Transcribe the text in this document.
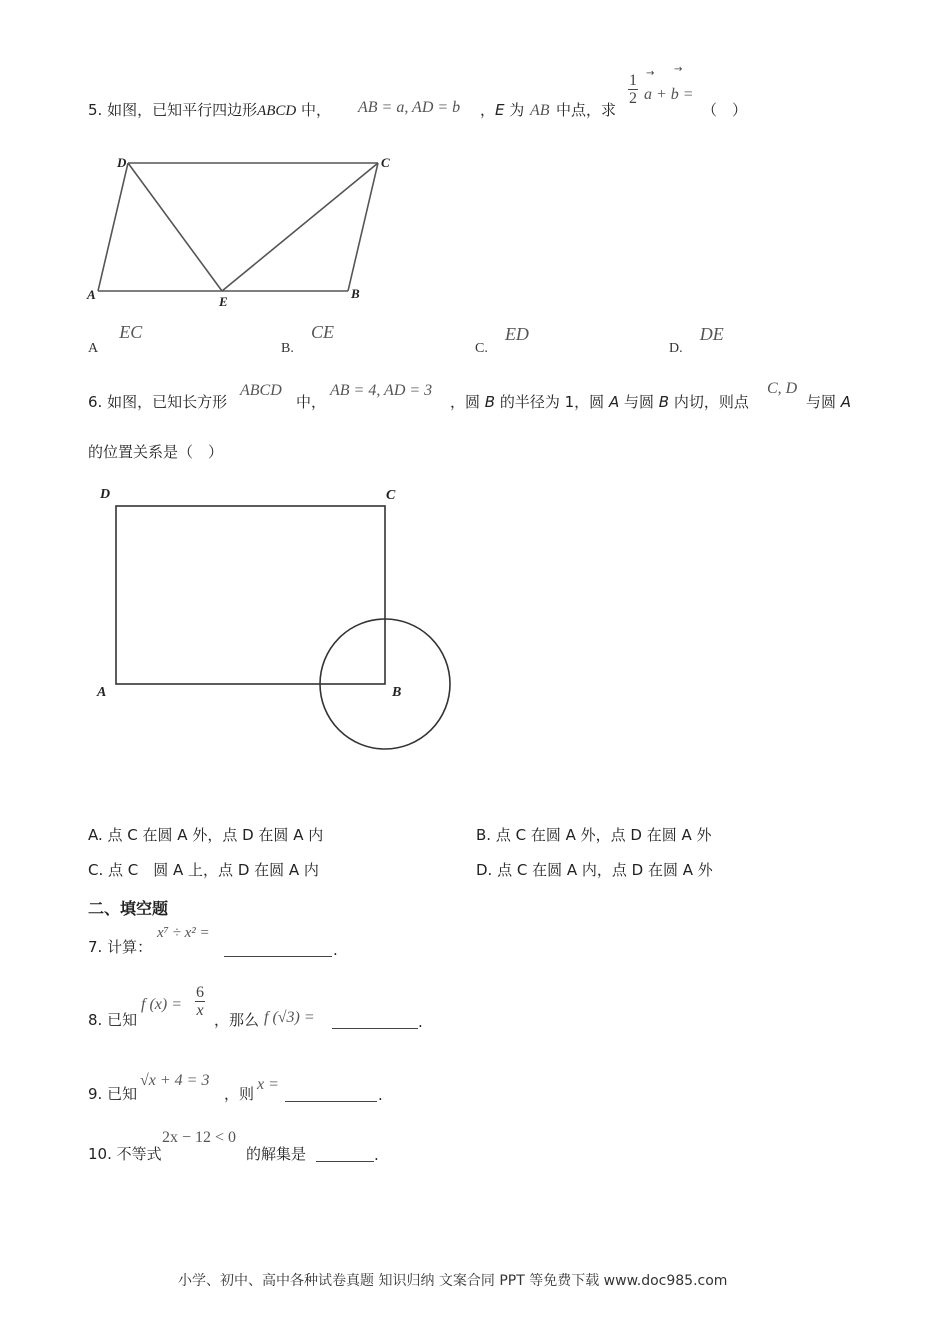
5. 如图，已知平行四边形ABCD 中， AB = a, AD = b ，E 为 AB 中点，求
$\frac{1}{2}$ → →
a + b =
（　）
A	B
C
D
E
A EC
B. CE
C. ED
D. DE
6. 如图，已知长方形
ABCD
中，
AB = 4, AD = 3
，圆 B 的半径为 1，圆 A 与圆 B 内切，则点
C, D
与圆 A
的位置关系是（　）
D	C
A	B
A. 点 C 在圆 A 外，点 D 在圆 A 内	B. 点 C 在圆 A 外，点 D 在圆 A 外
C. 点 C　圆 A 上，点 D 在圆 A 内	D. 点 C 在圆 A 内，点 D 在圆 A 外
二、填空题
7. 计算：
x⁷ ÷ x² =
.
8. 已知
f $(x) = \frac{6}{x}$
，那么 f (√3) =	.
9. 已知
√x + 4 = 3
，则
x =
.
10. 不等式
2x − 12 < 0
的解集是	.
小学、初中、高中各种试卷真题 知识归纳 文案合同 PPT 等免费下载 www.doc985.com
